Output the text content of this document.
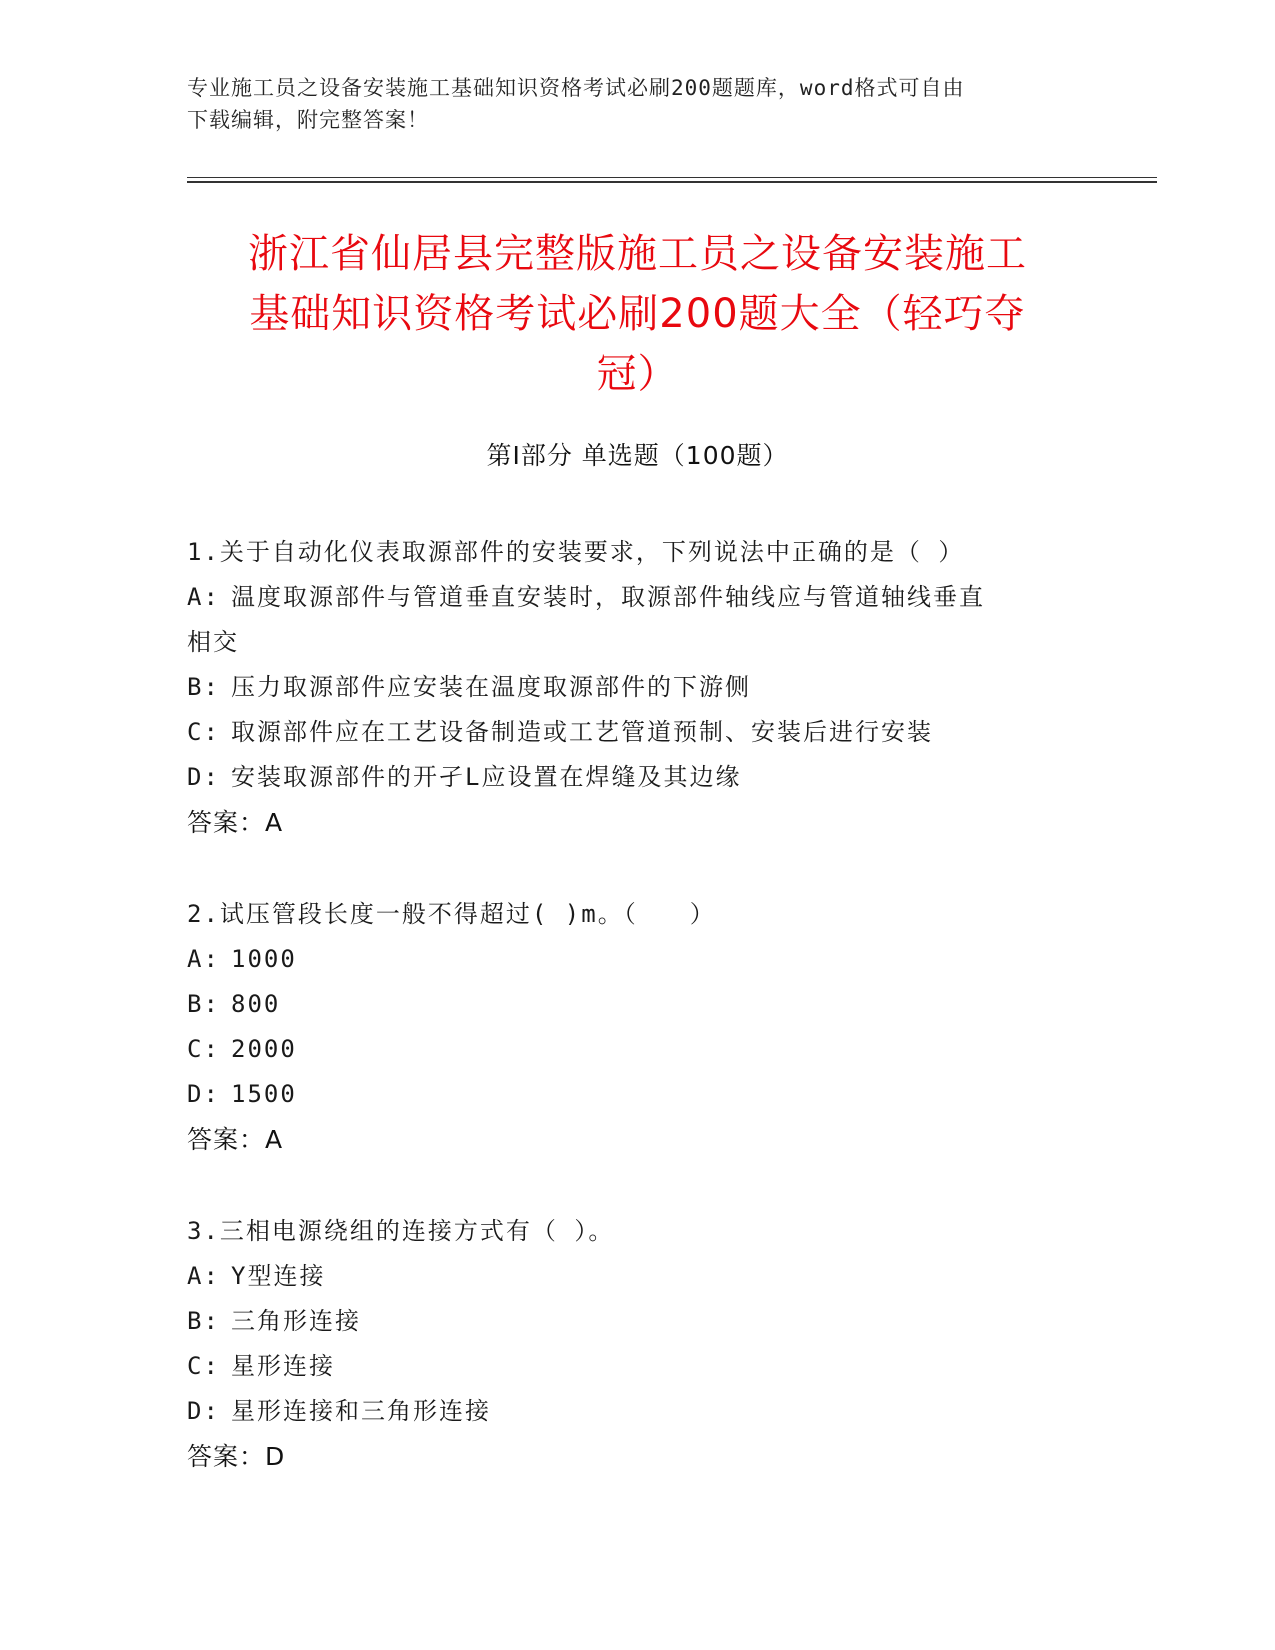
专业施工员之设备安装施工基础知识资格考试必刷200题题库，word格式可自由
下载编辑，附完整答案！
浙江省仙居县完整版施工员之设备安装施工
基础知识资格考试必刷200题大全（轻巧夺
冠）
第Ⅰ部分 单选题（100题）
1.关于自动化仪表取源部件的安装要求，下列说法中正确的是（ ）
A: 温度取源部件与管道垂直安装时，取源部件轴线应与管道轴线垂直
相交
B: 压力取源部件应安装在温度取源部件的下游侧
C: 取源部件应在工艺设备制造或工艺管道预制、安装后进行安装
D: 安装取源部件的开孑L应设置在焊缝及其边缘
答案：A
2.试压管段长度一般不得超过( )m。（　　）
A: 1000
B: 800
C: 2000
D: 1500
答案：A
3.三相电源绕组的连接方式有（ ）。
A: Y型连接
B: 三角形连接
C: 星形连接
D: 星形连接和三角形连接
答案：D
